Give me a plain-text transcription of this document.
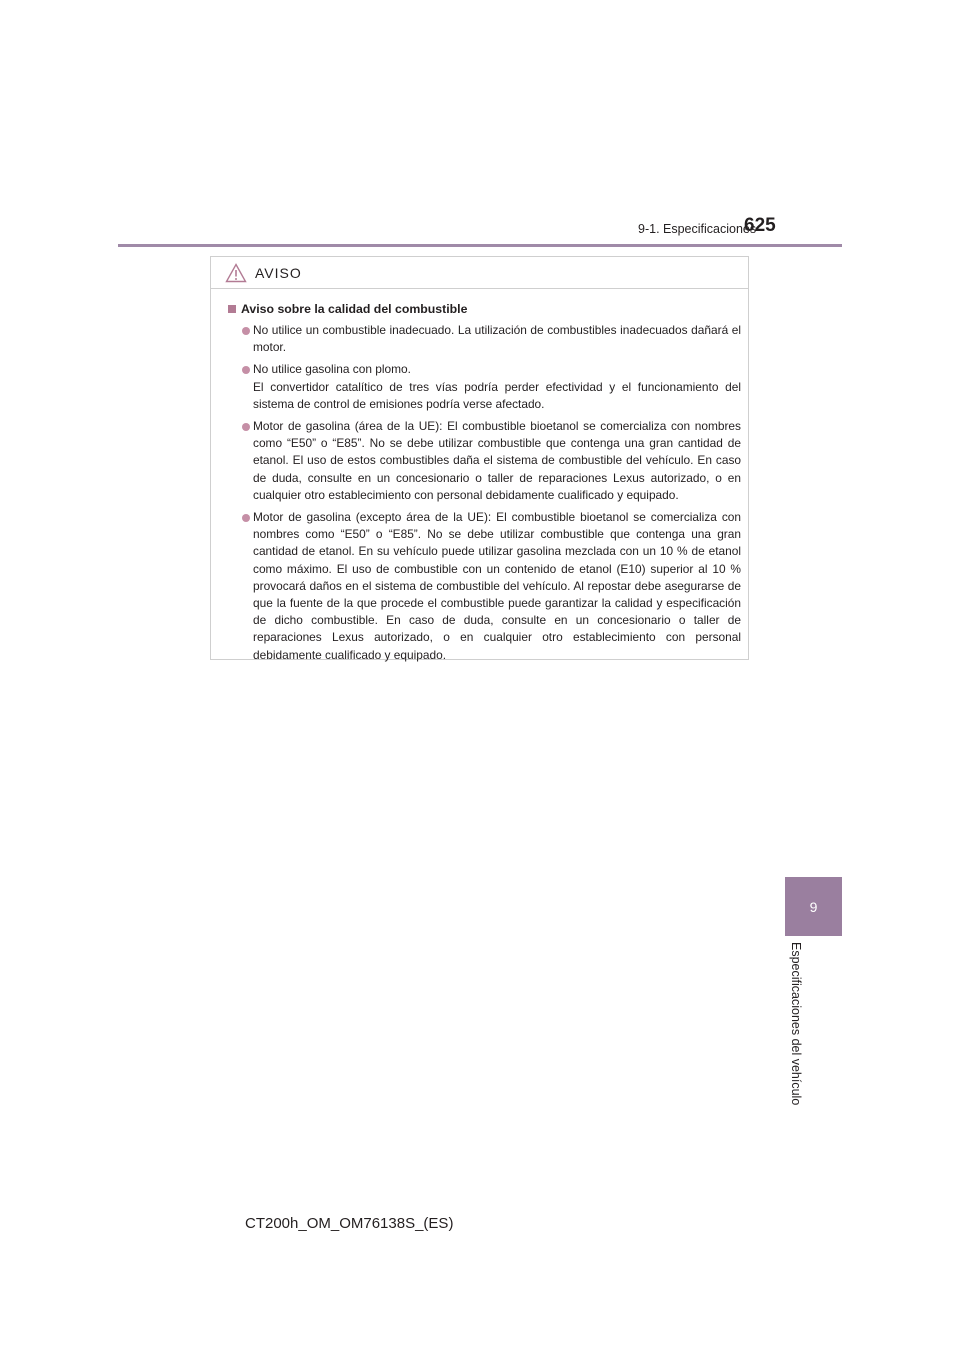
9-1. Especificaciones
625
9
Especificaciones del vehículo
AVISO
Aviso sobre la calidad del combustible
No utilice un combustible inadecuado. La utilización de combustibles inadecuados dañará el motor.
No utilice gasolina con plomo.
El convertidor catalítico de tres vías podría perder efectividad y el funcionamiento del sistema de control de emisiones podría verse afectado.
Motor de gasolina (área de la UE): El combustible bioetanol se comercializa con nombres como “E50” o “E85”. No se debe utilizar combustible que contenga una gran cantidad de etanol. El uso de estos combustibles daña el sistema de combustible del vehículo. En caso de duda, consulte en un concesionario o taller de reparaciones Lexus autorizado, o en cualquier otro establecimiento con personal debidamente cualificado y equipado.
Motor de gasolina (excepto área de la UE): El combustible bioetanol se comercializa con nombres como “E50” o “E85”. No se debe utilizar combustible que contenga una gran cantidad de etanol. En su vehículo puede utilizar gasolina mezclada con un 10 % de etanol como máximo. El uso de combustible con un contenido de etanol (E10) superior al 10 % provocará daños en el sistema de combustible del vehículo. Al repostar debe asegurarse de que la fuente de la que procede el combustible puede garantizar la calidad y especificación de dicho combustible. En caso de duda, consulte en un concesionario o taller de reparaciones Lexus autorizado, o en cualquier otro establecimiento con personal debidamente cualificado y equipado.
CT200h_OM_OM76138S_(ES)
